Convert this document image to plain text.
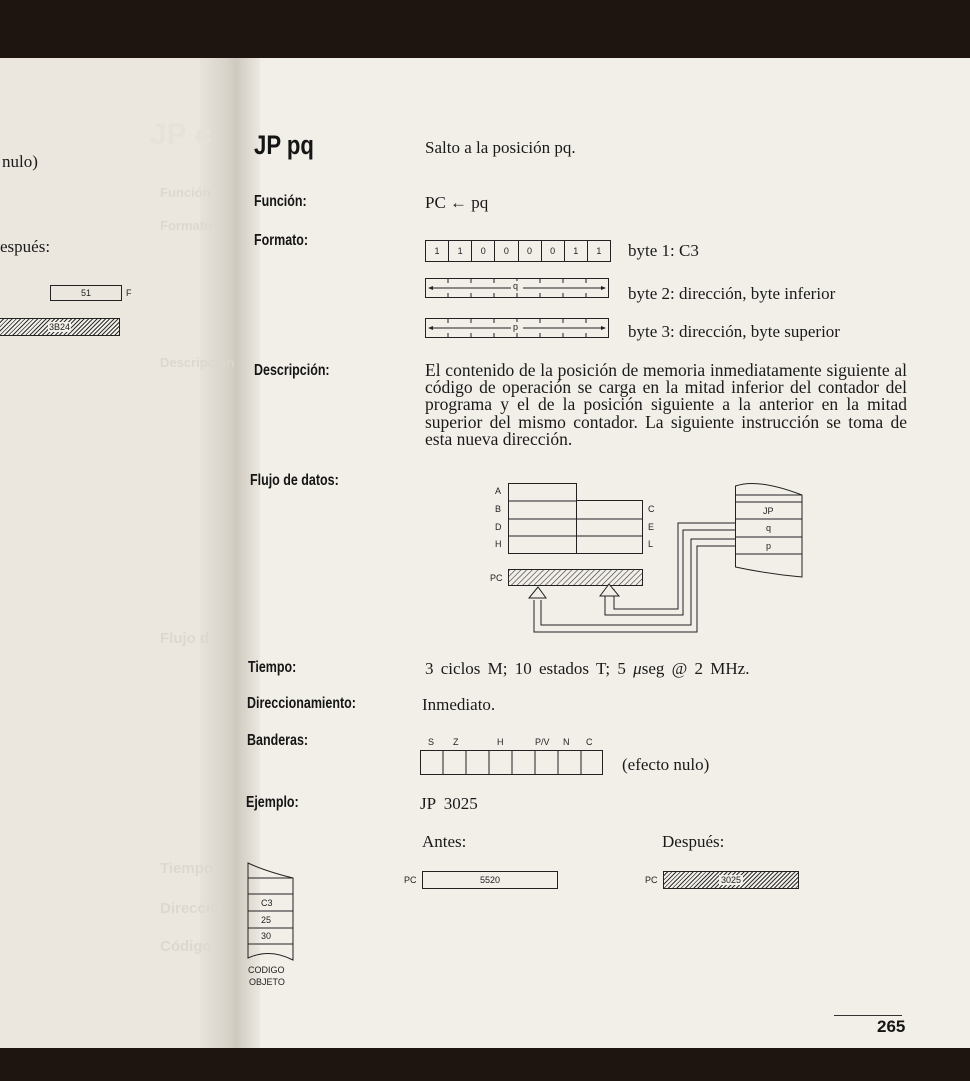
JP c
Función
Formato
Descripción
Flujo d
Tiempo
Direcció
Código
nulo)
espués:
51	F
3B24
JP pq	Salto a la posición pq.
Función:	PC ← pq
Formato:
1	1	0	0	0	0	1	1	byte 1: C3
q	byte 2: dirección, byte inferior
p	byte 3: dirección, byte superior
Descripción:	El contenido de la posición de memoria inmediatamente siguiente al código de operación se carga en la mitad inferior del contador del programa y el de la posición siguiente a la anterior en la mitad superior del mismo contador. La siguiente instrucción se toma de esta nueva dirección.
Flujo de datos:
A
B
D
H
C
E
L
PC
JP
q
p
Tiempo:	3 ciclos M; 10 estados T; 5 μseg @ 2 MHz.
Direccionamiento:	Inmediato.
Banderas:	S Z	H	P/V N C
(efecto nulo)
Ejemplo:	JP 3025
Antes:	Después:
PC	5520	PC	3025
C3
25
30
CODIGO
OBJETO
265
